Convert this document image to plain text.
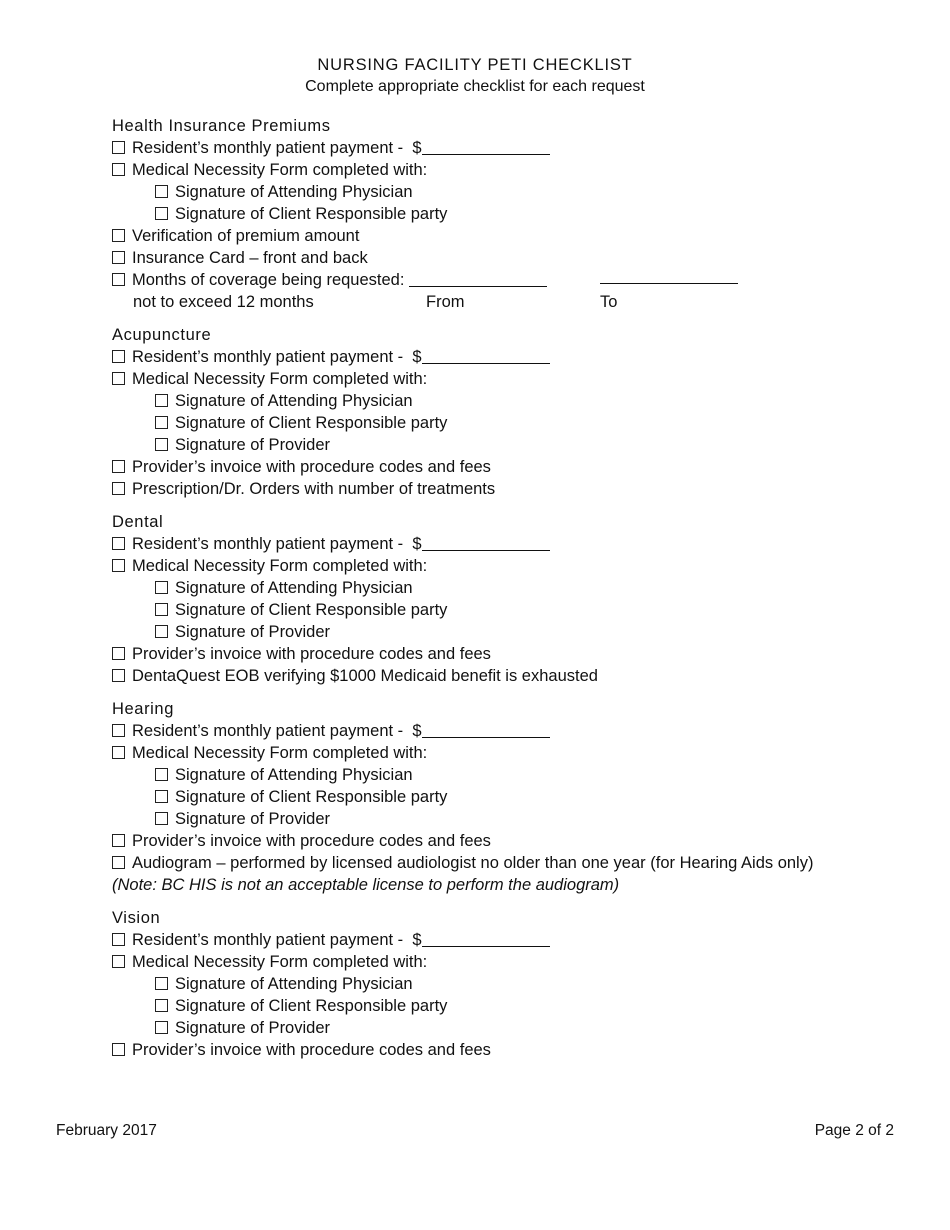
NURSING FACILITY PETI CHECKLIST
Complete appropriate checklist for each request
Health Insurance Premiums
Resident’s monthly patient payment -  $
Medical Necessity Form completed with:
Signature of Attending Physician
Signature of Client Responsible party
Verification of premium amount
Insurance Card – front and back
Months of coverage being requested:
not to exceed 12 months	From	To
Acupuncture
Resident’s monthly patient payment -  $
Medical Necessity Form completed with:
Signature of Attending Physician
Signature of Client Responsible party
Signature of Provider
Provider’s invoice with procedure codes and fees
Prescription/Dr. Orders with number of treatments
Dental
Resident’s monthly patient payment -  $
Medical Necessity Form completed with:
Signature of Attending Physician
Signature of Client Responsible party
Signature of Provider
Provider’s invoice with procedure codes and fees
DentaQuest EOB verifying $1000 Medicaid benefit is exhausted
Hearing
Resident’s monthly patient payment -  $
Medical Necessity Form completed with:
Signature of Attending Physician
Signature of Client Responsible party
Signature of Provider
Provider’s invoice with procedure codes and fees
Audiogram – performed by licensed audiologist no older than one year (for Hearing Aids only)
(Note: BC HIS is not an acceptable license to perform the audiogram)
Vision
Resident’s monthly patient payment -  $
Medical Necessity Form completed with:
Signature of Attending Physician
Signature of Client Responsible party
Signature of Provider
Provider’s invoice with procedure codes and fees
February 2017	Page 2 of 2
